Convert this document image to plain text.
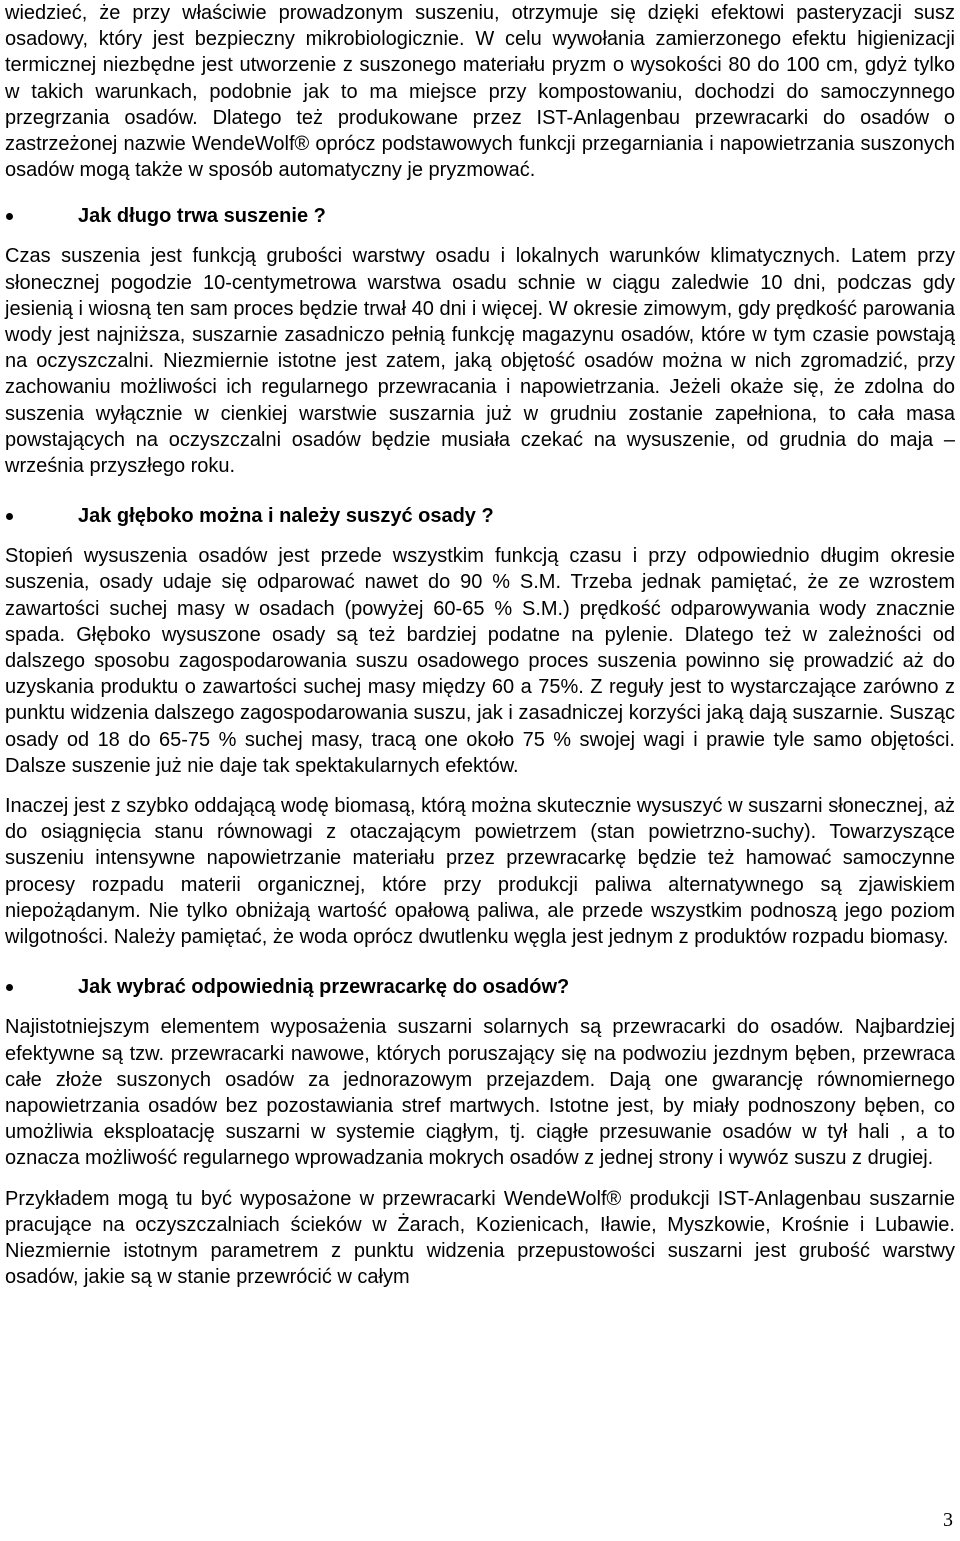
wiedzieć, że przy właściwie prowadzonym suszeniu, otrzymuje się dzięki efektowi pasteryzacji susz osadowy, który jest bezpieczny mikrobiologicznie. W celu wywołania zamierzonego efektu higienizacji termicznej niezbędne jest utworzenie z suszonego materiału pryzm o wysokości 80 do 100 cm, gdyż tylko w takich warunkach, podobnie jak to ma miejsce przy kompostowaniu, dochodzi do samoczynnego przegrzania osadów. Dlatego też produkowane przez IST-Anlagenbau przewracarki do osadów o zastrzeżonej nazwie WendeWolf® oprócz podstawowych funkcji przegarniania i napowietrzania suszonych osadów mogą także w sposób automatyczny je pryzmować.

Jak długo trwa suszenie ?

Czas suszenia jest funkcją grubości warstwy osadu i lokalnych warunków klimatycznych. Latem przy słonecznej pogodzie 10-centymetrowa warstwa osadu schnie w ciągu zaledwie 10 dni, podczas gdy jesienią i wiosną ten sam proces będzie trwał 40 dni i więcej. W okresie zimowym, gdy prędkość parowania wody jest najniższa, suszarnie zasadniczo pełnią funkcję magazynu osadów, które w tym czasie powstają na oczyszczalni. Niezmiernie istotne jest zatem, jaką objętość osadów można w nich zgromadzić, przy zachowaniu możliwości ich regularnego przewracania i napowietrzania. Jeżeli okaże się, że zdolna do suszenia wyłącznie w cienkiej warstwie suszarnia już w grudniu zostanie zapełniona, to cała masa powstających na oczyszczalni osadów będzie musiała czekać na wysuszenie, od grudnia do maja – września przyszłego roku.

Jak głęboko można i należy suszyć osady ?

Stopień wysuszenia osadów jest przede wszystkim funkcją czasu i przy odpowiednio długim okresie suszenia, osady udaje się odparować nawet do 90 % S.M. Trzeba jednak pamiętać, że ze wzrostem zawartości suchej masy w osadach (powyżej 60-65 % S.M.) prędkość odparowywania wody znacznie spada. Głęboko wysuszone osady są też bardziej podatne na pylenie. Dlatego też w zależności od dalszego sposobu zagospodarowania suszu osadowego proces suszenia powinno się prowadzić aż do uzyskania produktu o zawartości suchej masy między 60 a 75%. Z reguły jest to wystarczające zarówno z punktu widzenia dalszego zagospodarowania suszu, jak i zasadniczej korzyści jaką dają suszarnie. Susząc osady od 18 do 65-75 % suchej masy, tracą one około 75 % swojej wagi i prawie tyle samo objętości. Dalsze suszenie już nie daje tak spektakularnych efektów.

Inaczej jest z szybko oddającą wodę biomasą, którą można skutecznie wysuszyć w suszarni słonecznej, aż do osiągnięcia stanu równowagi z otaczającym powietrzem (stan powietrzno-suchy). Towarzyszące suszeniu intensywne napowietrzanie materiału przez przewracarkę będzie też hamować samoczynne procesy rozpadu materii organicznej, które przy produkcji paliwa alternatywnego są zjawiskiem niepożądanym. Nie tylko obniżają wartość opałową paliwa, ale przede wszystkim podnoszą jego poziom wilgotności. Należy pamiętać, że woda oprócz dwutlenku węgla jest jednym z produktów rozpadu biomasy.

Jak wybrać odpowiednią przewracarkę do osadów?

Najistotniejszym elementem wyposażenia suszarni solarnych są przewracarki do osadów. Najbardziej efektywne są tzw. przewracarki nawowe, których poruszający się na podwoziu jezdnym bęben, przewraca całe złoże suszonych osadów za jednorazowym przejazdem. Dają one gwarancję równomiernego napowietrzania osadów bez pozostawiania stref martwych. Istotne jest, by miały podnoszony bęben, co umożliwia eksploatację suszarni w systemie ciągłym, tj. ciągłe przesuwanie osadów w tył hali , a to oznacza możliwość regularnego wprowadzania mokrych osadów z jednej strony i wywóz suszu z drugiej.

Przykładem mogą tu być wyposażone w przewracarki WendeWolf® produkcji IST-Anlagenbau suszarnie pracujące na oczyszczalniach ścieków w Żarach, Kozienicach, Iławie, Myszkowie, Krośnie i Lubawie. Niezmiernie istotnym parametrem z punktu widzenia przepustowości suszarni jest grubość warstwy osadów, jakie są w stanie przewrócić w całym

3
